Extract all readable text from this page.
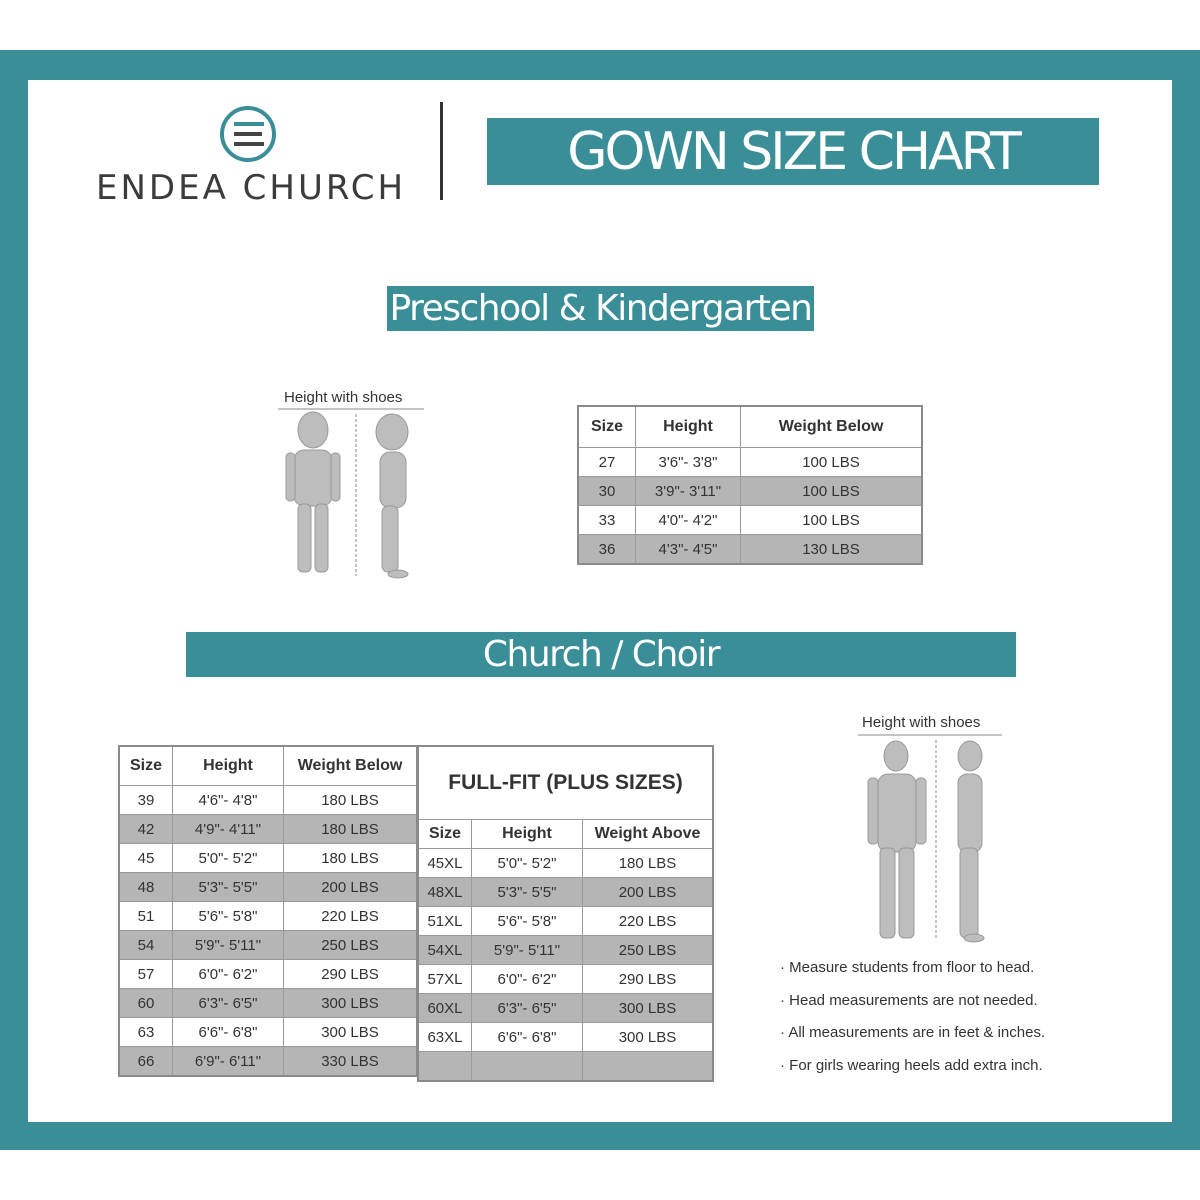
ENDEA CHURCH
GOWN SIZE CHART
Preschool & Kindergarten
Height with shoes
Size	Height	Weight Below
27	3'6"- 3'8"	100 LBS
30	3'9"- 3'11"	100 LBS
33	4'0"- 4'2"	100 LBS
36	4'3"- 4'5"	130 LBS
Church / Choir
Size	Height	Weight Below
39	4'6"- 4'8"	180 LBS
42	4'9"- 4'11"	180 LBS
45	5'0"- 5'2"	180 LBS
48	5'3"- 5'5"	200 LBS
51	5'6"- 5'8"	220 LBS
54	5'9"- 5'11"	250 LBS
57	6'0"- 6'2"	290 LBS
60	6'3"- 6'5"	300 LBS
63	6'6"- 6'8"	300 LBS
66	6'9"- 6'11"	330 LBS
FULL-FIT (PLUS SIZES)		
Size	Height	Weight Above
45XL	5'0"- 5'2"	180 LBS
48XL	5'3"- 5'5"	200 LBS
51XL	5'6"- 5'8"	220 LBS
54XL	5'9"- 5'11"	250 LBS
57XL	6'0"- 6'2"	290 LBS
60XL	6'3"- 6'5"	300 LBS
63XL	6'6"- 6'8"	300 LBS

Height with shoes
· Measure students from floor to head.
· Head measurements are not needed.
· All measurements are in feet & inches.
· For girls wearing heels add extra inch.
